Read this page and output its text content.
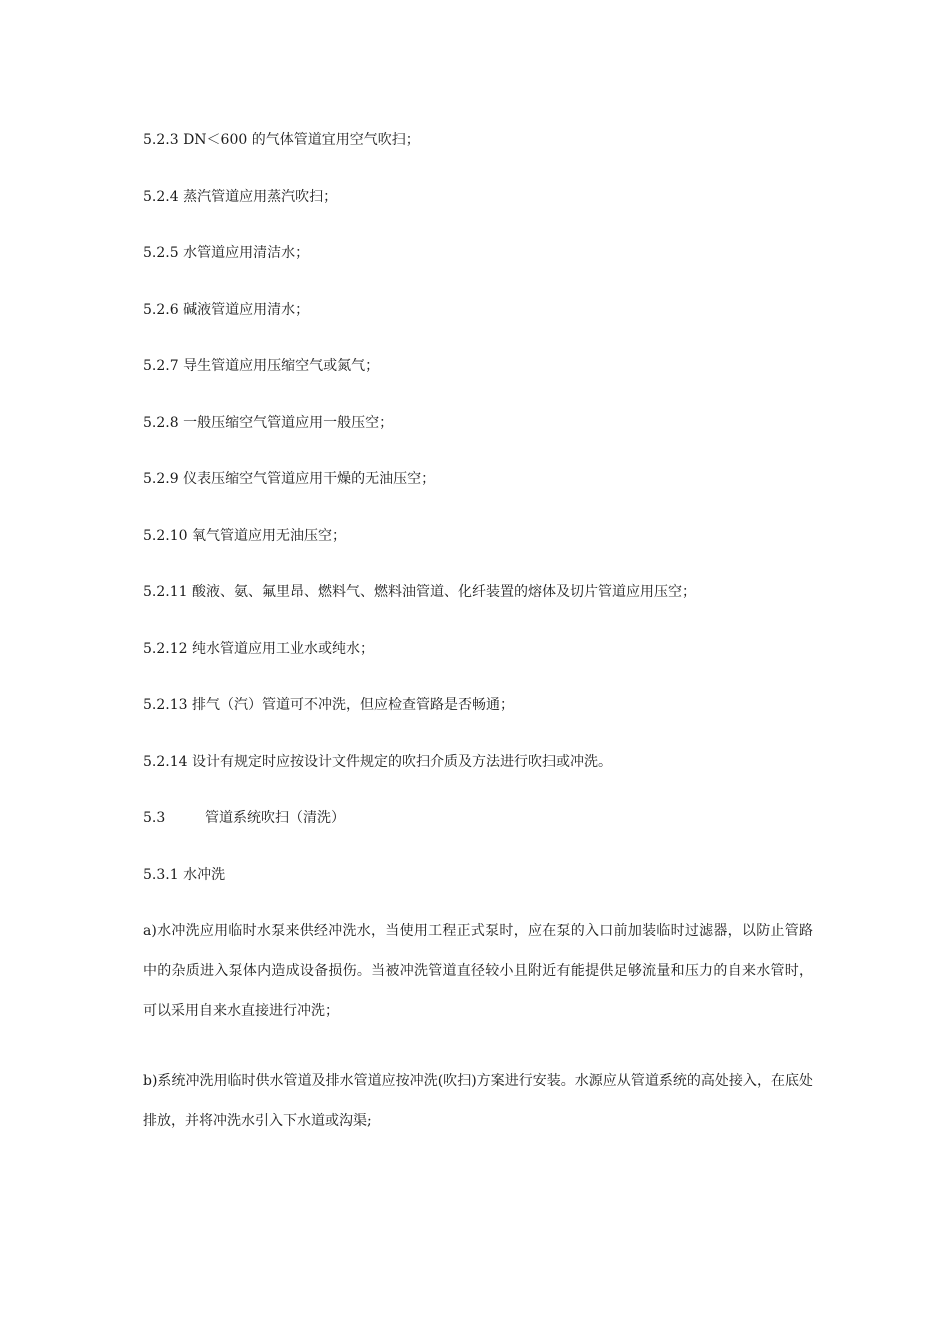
5.2.3 DN＜600 的气体管道宜用空气吹扫；
5.2.4 蒸汽管道应用蒸汽吹扫；
5.2.5 水管道应用清洁水；
5.2.6 碱液管道应用清水；
5.2.7 导生管道应用压缩空气或氮气；
5.2.8 一般压缩空气管道应用一般压空；
5.2.9 仪表压缩空气管道应用干燥的无油压空；
5.2.10 氧气管道应用无油压空；
5.2.11 酸液、氨、氟里昂、燃料气、燃料油管道、化纤装置的熔体及切片管道应用压空；
5.2.12 纯水管道应用工业水或纯水；
5.2.13 排气（汽）管道可不冲洗，但应检查管路是否畅通；
5.2.14 设计有规定时应按设计文件规定的吹扫介质及方法进行吹扫或冲洗。
5.3	管道系统吹扫（清洗）
5.3.1 水冲洗
a)水冲洗应用临时水泵来供经冲洗水，当使用工程正式泵时，应在泵的入口前加装临时过滤器，以防止管路中的杂质进入泵体内造成设备损伤。当被冲洗管道直径较小且附近有能提供足够流量和压力的自来水管时，可以采用自来水直接进行冲洗；
b)系统冲洗用临时供水管道及排水管道应按冲洗(吹扫)方案进行安装。水源应从管道系统的高处接入，在底处排放，并将冲洗水引入下水道或沟渠;
